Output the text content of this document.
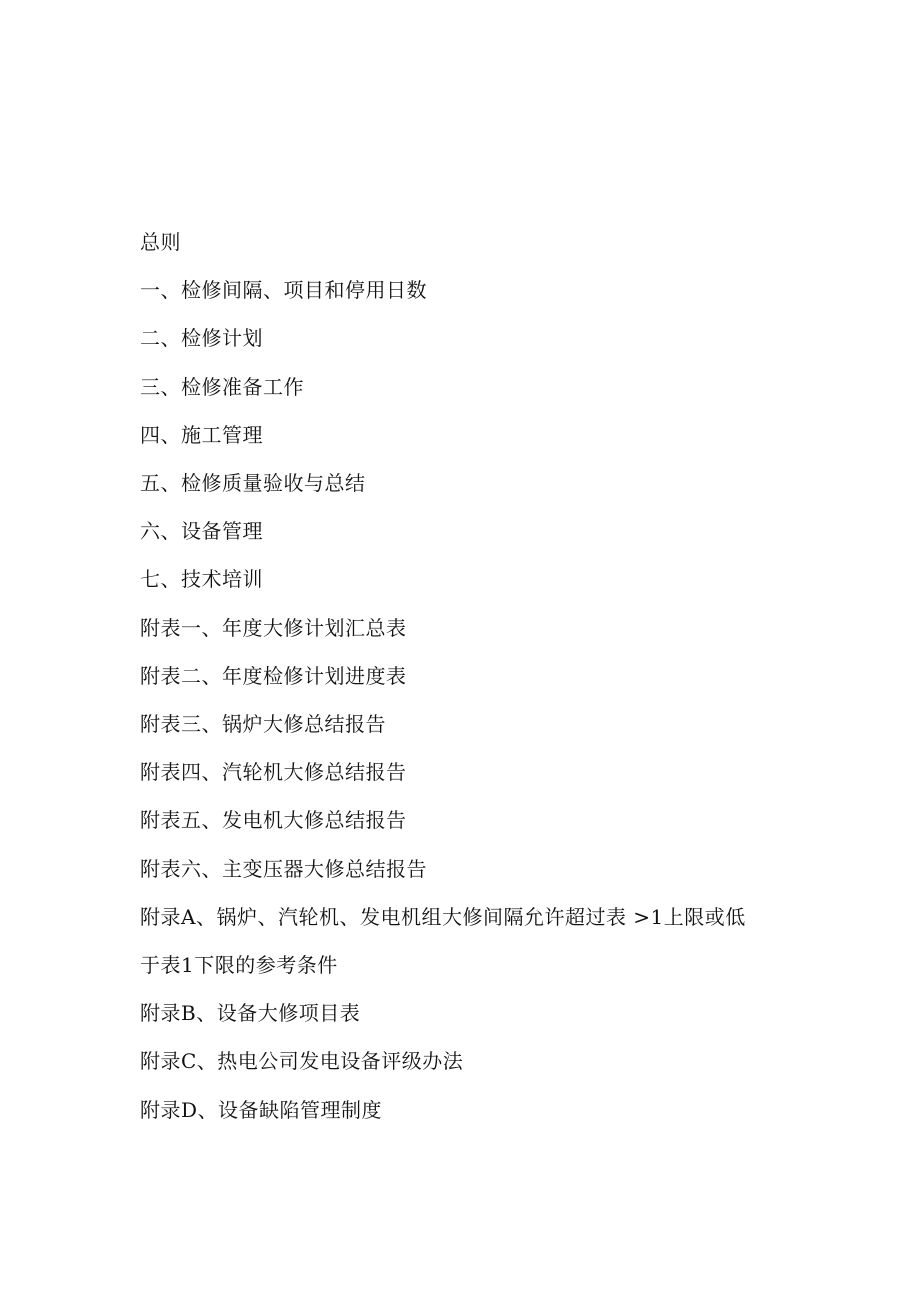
总则
一、检修间隔、项目和停用日数
二、检修计划
三、检修准备工作
四、施工管理
五、检修质量验收与总结
六、设备管理
七、技术培训
附表一、年度大修计划汇总表
附表二、年度检修计划进度表
附表三、锅炉大修总结报告
附表四、汽轮机大修总结报告
附表五、发电机大修总结报告
附表六、主变压器大修总结报告
附录A、锅炉、汽轮机、发电机组大修间隔允许超过表 >1上限或低
于表1下限的参考条件
附录B、设备大修项目表
附录C、热电公司发电设备评级办法
附录D、设备缺陷管理制度
